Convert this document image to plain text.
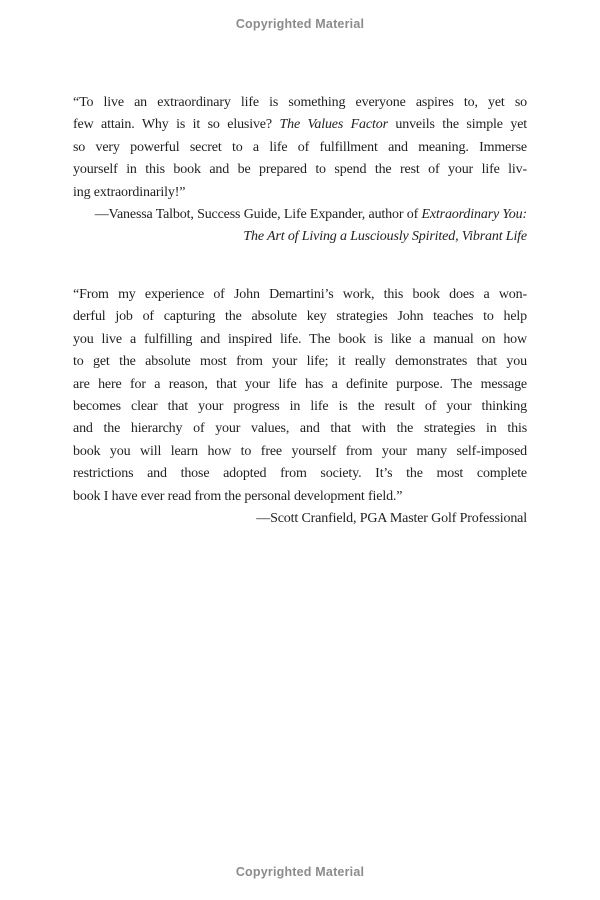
Copyrighted Material
“To live an extraordinary life is something everyone aspires to, yet so
few attain. Why is it so elusive? The Values Factor unveils the simple yet
so very powerful secret to a life of fulfillment and meaning. Immerse
yourself in this book and be prepared to spend the rest of your life liv-
ing extraordinarily!”
—Vanessa Talbot, Success Guide, Life Expander, author of Extraordinary You:
The Art of Living a Lusciously Spirited, Vibrant Life
“From my experience of John Demartini’s work, this book does a won-
derful job of capturing the absolute key strategies John teaches to help
you live a fulfilling and inspired life. The book is like a manual on how
to get the absolute most from your life; it really demonstrates that you
are here for a reason, that your life has a definite purpose. The message
becomes clear that your progress in life is the result of your thinking
and the hierarchy of your values, and that with the strategies in this
book you will learn how to free yourself from your many self-imposed
restrictions and those adopted from society. It’s the most complete
book I have ever read from the personal development field.”
—Scott Cranfield, PGA Master Golf Professional
Copyrighted Material
